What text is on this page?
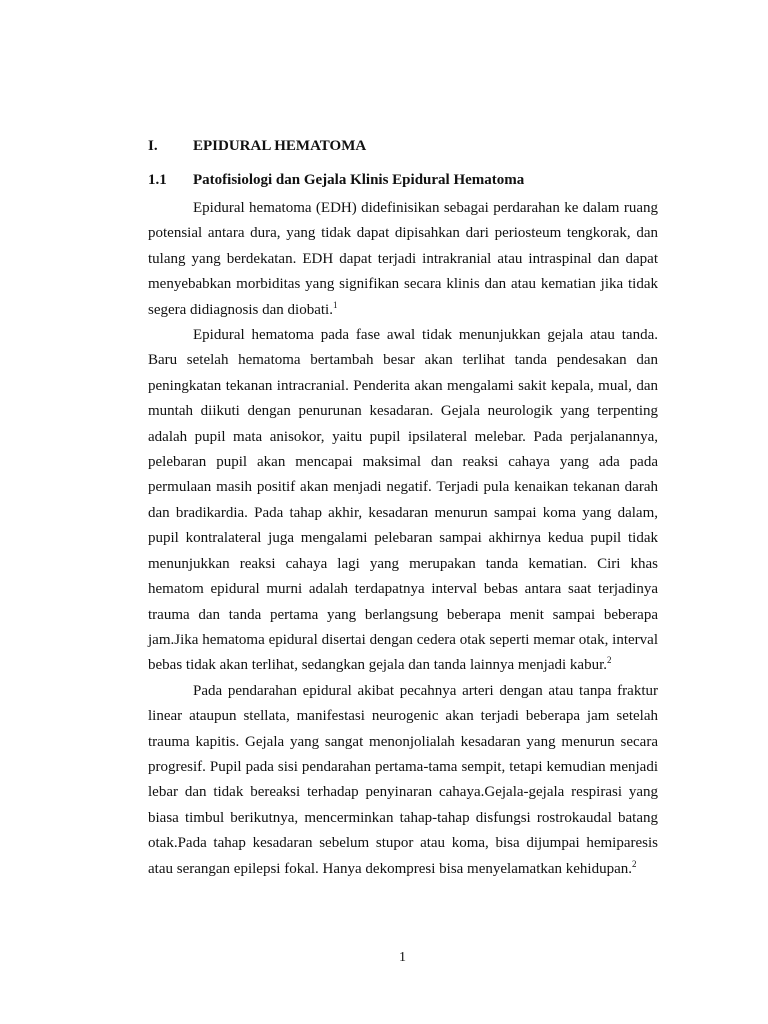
I. EPIDURAL HEMATOMA
1.1 Patofisiologi dan Gejala Klinis Epidural Hematoma

Epidural hematoma (EDH) didefinisikan sebagai perdarahan ke dalam ruang potensial antara dura, yang tidak dapat dipisahkan dari periosteum tengkorak, dan tulang yang berdekatan. EDH dapat terjadi intrakranial atau intraspinal dan dapat menyebabkan morbiditas yang signifikan secara klinis dan atau kematian jika tidak segera didiagnosis dan diobati.$^1$

Epidural hematoma pada fase awal tidak menunjukkan gejala atau tanda. Baru setelah hematoma bertambah besar akan terlihat tanda pendesakan dan peningkatan tekanan intracranial. Penderita akan mengalami sakit kepala, mual, dan muntah diikuti dengan penurunan kesadaran. Gejala neurologik yang terpenting adalah pupil mata anisokor, yaitu pupil ipsilateral melebar. Pada perjalanannya, pelebaran pupil akan mencapai maksimal dan reaksi cahaya yang ada pada permulaan masih positif akan menjadi negatif. Terjadi pula kenaikan tekanan darah dan bradikardia. Pada tahap akhir, kesadaran menurun sampai koma yang dalam, pupil kontralateral juga mengalami pelebaran sampai akhirnya kedua pupil tidak menunjukkan reaksi cahaya lagi yang merupakan tanda kematian. Ciri khas hematom epidural murni adalah terdapatnya interval bebas antara saat terjadinya trauma dan tanda pertama yang berlangsung beberapa menit sampai beberapa jam.Jika hematoma epidural disertai dengan cedera otak seperti memar otak, interval bebas tidak akan terlihat, sedangkan gejala dan tanda lainnya menjadi kabur.$^2$

Pada pendarahan epidural akibat pecahnya arteri dengan atau tanpa fraktur linear ataupun stellata, manifestasi neurogenic akan terjadi beberapa jam setelah trauma kapitis. Gejala yang sangat menonjolialah kesadaran yang menurun secara progresif. Pupil pada sisi pendarahan pertama-tama sempit, tetapi kemudian menjadi lebar dan tidak bereaksi terhadap penyinaran cahaya.Gejala-gejala respirasi yang biasa timbul berikutnya, mencerminkan tahap-tahap disfungsi rostrokaudal batang otak.Pada tahap kesadaran sebelum stupor atau koma, bisa dijumpai hemiparesis atau serangan epilepsi fokal. Hanya dekompresi bisa menyelamatkan kehidupan.$^2$

1
